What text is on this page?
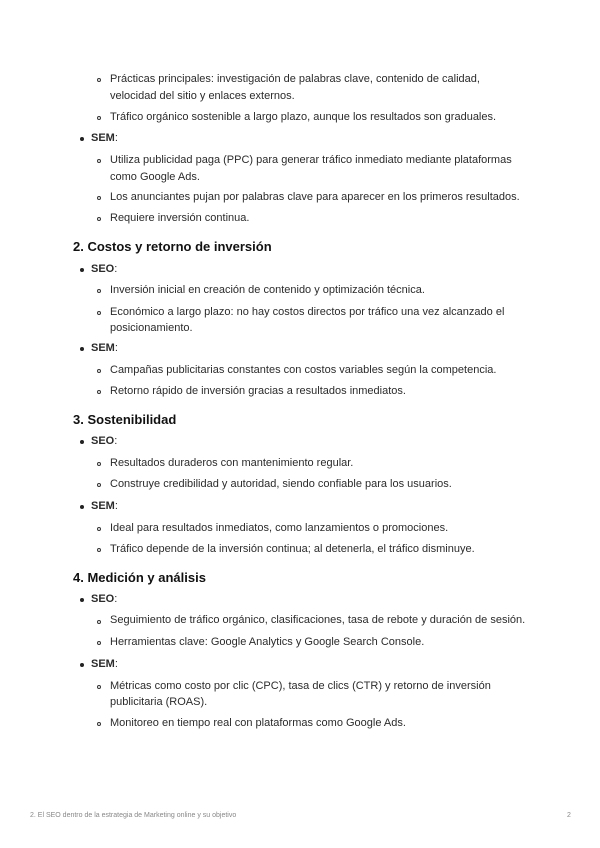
Prácticas principales: investigación de palabras clave, contenido de calidad,
velocidad del sitio y enlaces externos.
Tráfico orgánico sostenible a largo plazo, aunque los resultados son graduales.
SEM:
Utiliza publicidad paga (PPC) para generar tráfico inmediato mediante plataformas
como Google Ads.
Los anunciantes pujan por palabras clave para aparecer en los primeros resultados.
Requiere inversión continua.
2. Costos y retorno de inversión
SEO:
Inversión inicial en creación de contenido y optimización técnica.
Económico a largo plazo: no hay costos directos por tráfico una vez alcanzado el
posicionamiento.
SEM:
Campañas publicitarias constantes con costos variables según la competencia.
Retorno rápido de inversión gracias a resultados inmediatos.
3. Sostenibilidad
SEO:
Resultados duraderos con mantenimiento regular.
Construye credibilidad y autoridad, siendo confiable para los usuarios.
SEM:
Ideal para resultados inmediatos, como lanzamientos o promociones.
Tráfico depende de la inversión continua; al detenerla, el tráfico disminuye.
4. Medición y análisis
SEO:
Seguimiento de tráfico orgánico, clasificaciones, tasa de rebote y duración de sesión.
Herramientas clave: Google Analytics y Google Search Console.
SEM:
Métricas como costo por clic (CPC), tasa de clics (CTR) y retorno de inversión
publicitaria (ROAS).
Monitoreo en tiempo real con plataformas como Google Ads.
2. El SEO dentro de la estrategia de Marketing online y su objetivo	2
